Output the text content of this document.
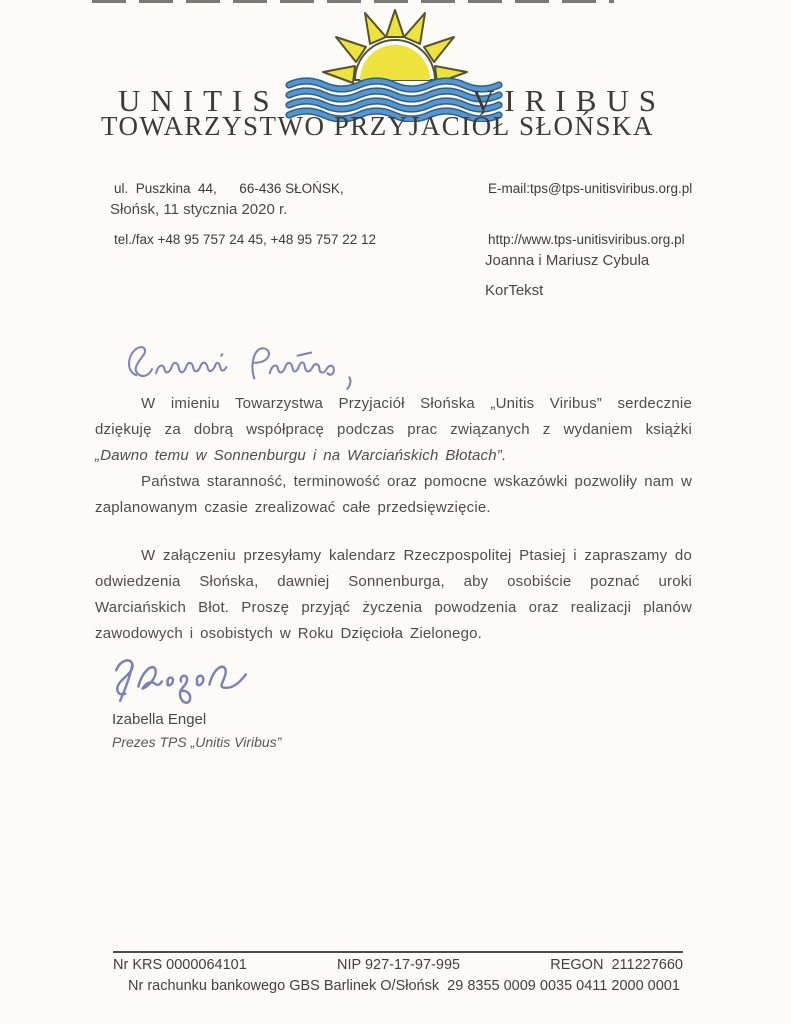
UNITIS	VIRIBUS
TOWARZYSTWO PRZYJACIÓŁ SŁOŃSKA

ul.  Puszkina  44,      66-436 SŁOŃSK,

tel./fax +48 95 757 24 45, +48 95 757 22 12

E-mail:tps@tps-unitisviribus.org.pl

http://www.tps-unitisviribus.org.pl

Słońsk, 11 stycznia 2020 r.
Joanna i Mariusz Cybula
KorTekst

W imieniu Towarzystwa Przyjaciół Słońska „Unitis Viribus” serdecznie dziękuję za dobrą współpracę podczas prac związanych z wydaniem książki „Dawno temu w Sonnenburgu i na Warciańskich Błotach”.

Państwa staranność, terminowość oraz pomocne wskazówki pozwoliły nam w zaplanowanym czasie zrealizować całe przedsięwzięcie.

W załączeniu przesyłamy kalendarz Rzeczpospolitej Ptasiej i zapraszamy do odwiedzenia Słońska, dawniej Sonnenburga, aby osobiście poznać uroki Warciańskich Błot. Proszę przyjąć życzenia powodzenia oraz realizacji planów zawodowych i osobistych w Roku Dzięcioła Zielonego.

Izabella Engel
Prezes TPS „Unitis Viribus”
Nr KRS 0000064101	NIP 927-17-97-995	REGON  211227660
Nr rachunku bankowego GBS Barlinek O/Słońsk  29 8355 0009 0035 0411 2000 0001
